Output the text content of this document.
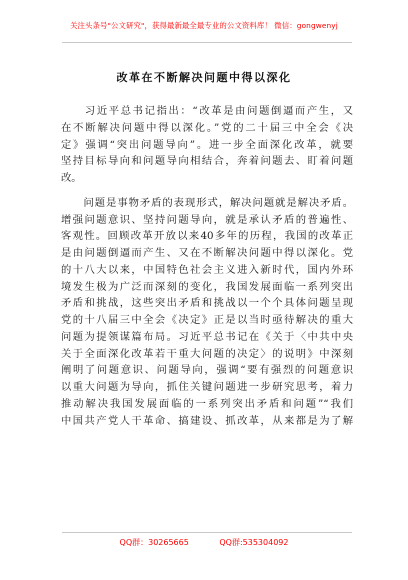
关注头条号"公文研究"，获得最新最全最专业的公文资料库！ 微信：gongwenyj
改革在不断解决问题中得以深化

　　习近平总书记指出：“改革是由问题倒逼而产生，又
在不断解决问题中得以深化。”党的二十届三中全会《决
定》强调“突出问题导向”。进一步全面深化改革，就要
坚持目标导向和问题导向相结合，奔着问题去、盯着问题
改。

　　问题是事物矛盾的表现形式，解决问题就是解决矛盾。
增强问题意识、坚持问题导向，就是承认矛盾的普遍性、
客观性。回顾改革开放以来40多年的历程，我国的改革正
是由问题倒逼而产生、又在不断解决问题中得以深化。党
的十八大以来，中国特色社会主义进入新时代，国内外环
境发生极为广泛而深刻的变化，我国发展面临一系列突出
矛盾和挑战，这些突出矛盾和挑战以一个个具体问题呈现
党的十八届三中全会《决定》正是以当时亟待解决的重大
问题为提领谋篇布局。习近平总书记在《关于〈中共中央
关于全面深化改革若干重大问题的决定〉的说明》中深刻
阐明了问题意识、问题导向，强调“要有强烈的问题意识
以重大问题为导向，抓住关键问题进一步研究思考，着力
推动解决我国发展面临的一系列突出矛盾和问题”“我们
中国共产党人干革命、搞建设、抓改革，从来都是为了解

QQ群：30265665	QQ群:535304092
